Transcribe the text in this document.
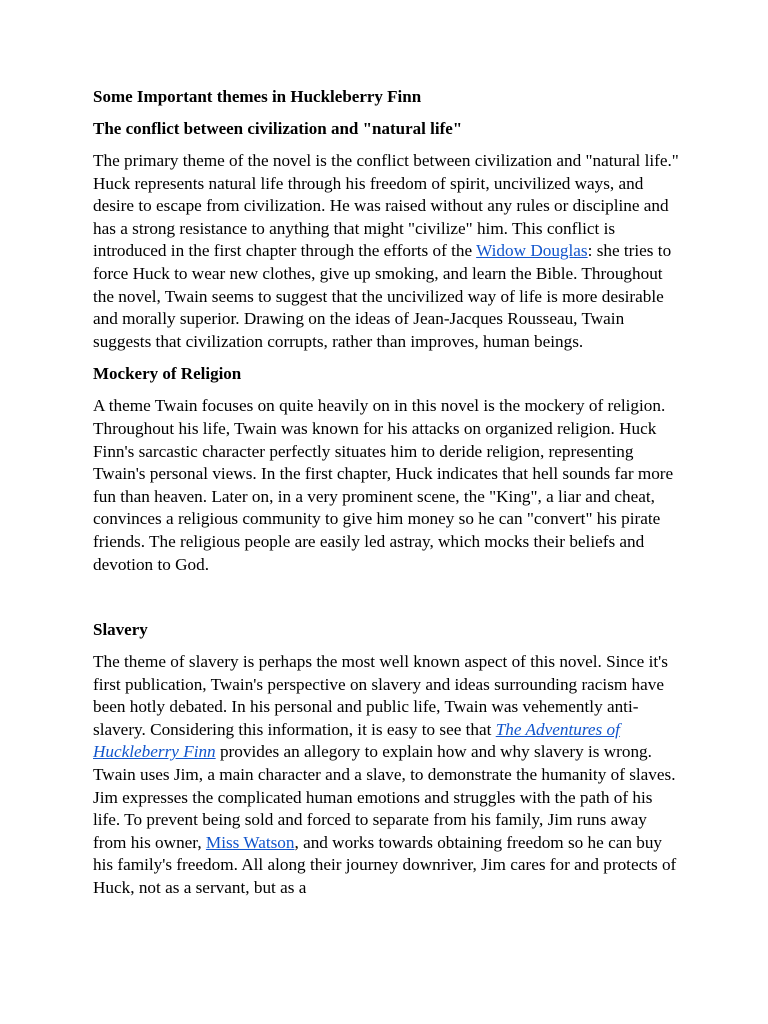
Some Important themes in Huckleberry Finn
The conflict between civilization and "natural life"

The primary theme of the novel is the conflict between civilization and "natural life." Huck represents natural life through his freedom of spirit, uncivilized ways, and desire to escape from civilization. He was raised without any rules or discipline and has a strong resistance to anything that might "civilize" him. This conflict is introduced in the first chapter through the efforts of the Widow Douglas: she tries to force Huck to wear new clothes, give up smoking, and learn the Bible. Throughout the novel, Twain seems to suggest that the uncivilized way of life is more desirable and morally superior. Drawing on the ideas of Jean-Jacques Rousseau, Twain suggests that civilization corrupts, rather than improves, human beings.

Mockery of Religion

A theme Twain focuses on quite heavily on in this novel is the mockery of religion. Throughout his life, Twain was known for his attacks on organized religion. Huck Finn's sarcastic character perfectly situates him to deride religion, representing Twain's personal views. In the first chapter, Huck indicates that hell sounds far more fun than heaven. Later on, in a very prominent scene, the "King", a liar and cheat, convinces a religious community to give him money so he can "convert" his pirate friends. The religious people are easily led astray, which mocks their beliefs and devotion to God.

Slavery

The theme of slavery is perhaps the most well known aspect of this novel. Since it's first publication, Twain's perspective on slavery and ideas surrounding racism have been hotly debated. In his personal and public life, Twain was vehemently anti-slavery. Considering this information, it is easy to see that The Adventures of Huckleberry Finn provides an allegory to explain how and why slavery is wrong. Twain uses Jim, a main character and a slave, to demonstrate the humanity of slaves. Jim expresses the complicated human emotions and struggles with the path of his life. To prevent being sold and forced to separate from his family, Jim runs away from his owner, Miss Watson, and works towards obtaining freedom so he can buy his family's freedom. All along their journey downriver, Jim cares for and protects of Huck, not as a servant, but as a
